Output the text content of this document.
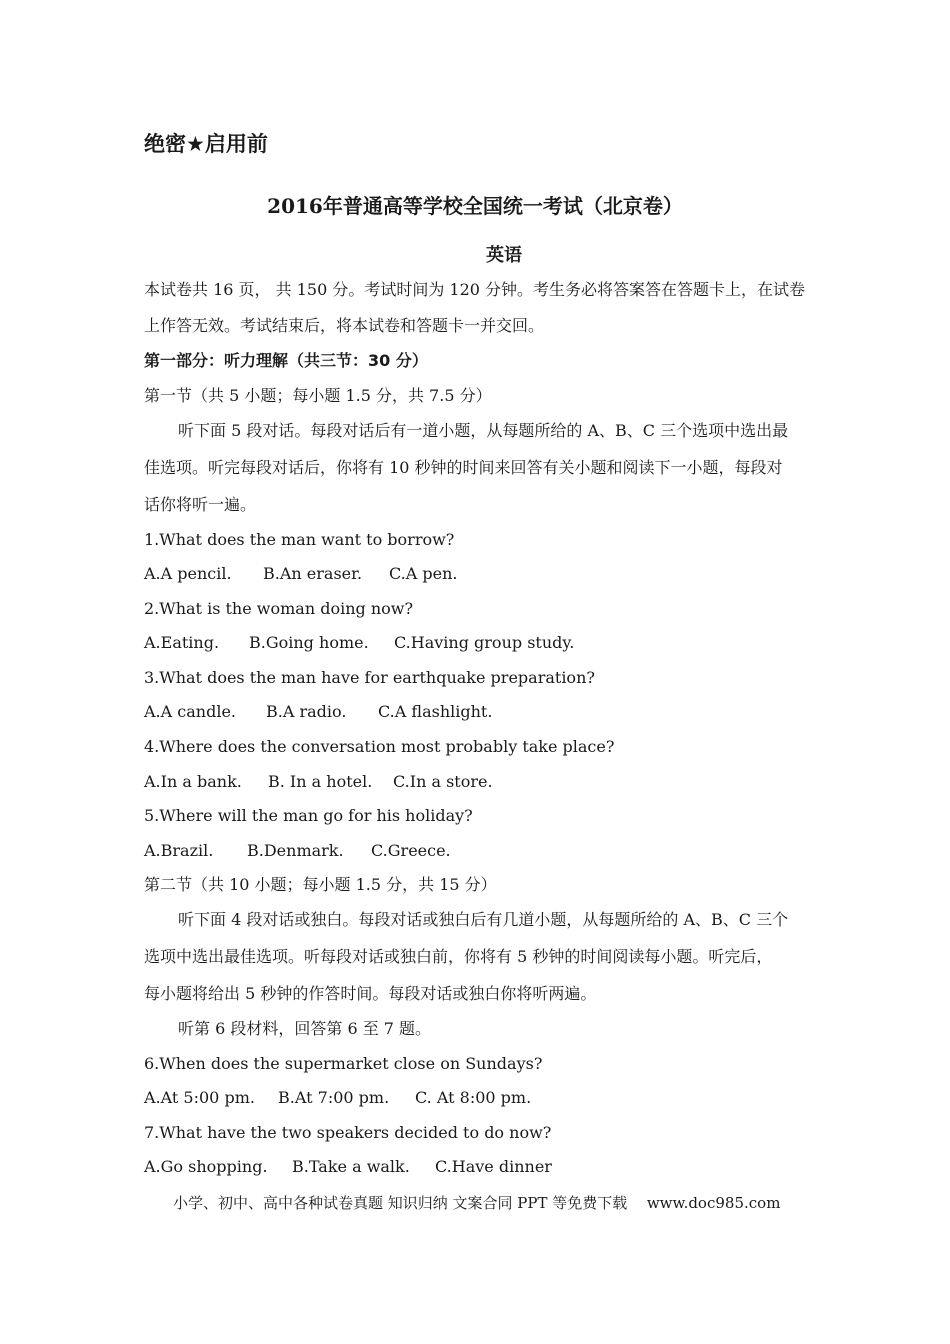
绝密★启用前
2016年普通高等学校全国统一考试（北京卷）
英语
本试卷共 16 页， 共 150 分。考试时间为 120 分钟。考生务必将答案答在答题卡上，在试卷
上作答无效。考试结束后，将本试卷和答题卡一并交回。
第一部分：听力理解（共三节：30 分）
第一节（共 5 小题；每小题 1.5 分，共 7.5 分）
听下面 5 段对话。每段对话后有一道小题，从每题所给的 A、B、C 三个选项中选出最
佳选项。听完每段对话后，你将有 10 秒钟的时间来回答有关小题和阅读下一小题，每段对
话你将听一遍。
1.What does the man want to borrow?
A.A pencil. B.An eraser. C.A pen.
2.What is the woman doing now?
A.Eating. B.Going home. C.Having group study.
3.What does the man have for earthquake preparation?
A.A candle. B.A radio. C.A flashlight.
4.Where does the conversation most probably take place?
A.In a bank. B. In a hotel. C.In a store.
5.Where will the man go for his holiday?
A.Brazil. B.Denmark. C.Greece.
第二节（共 10 小题；每小题 1.5 分，共 15 分）
听下面 4 段对话或独白。每段对话或独白后有几道小题，从每题所给的 A、B、C 三个
选项中选出最佳选项。听每段对话或独白前，你将有 5 秒钟的时间阅读每小题。听完后，
每小题将给出 5 秒钟的作答时间。每段对话或独白你将听两遍。
听第 6 段材料，回答第 6 至 7 题。
6.When does the supermarket close on Sundays?
A.At 5:00 pm. B.At 7:00 pm. C. At 8:00 pm.
7.What have the two speakers decided to do now?
A.Go shopping. B.Take a walk. C.Have dinner
小学、初中、高中各种试卷真题 知识归纳 文案合同 PPT 等免费下载 www.doc985.com
